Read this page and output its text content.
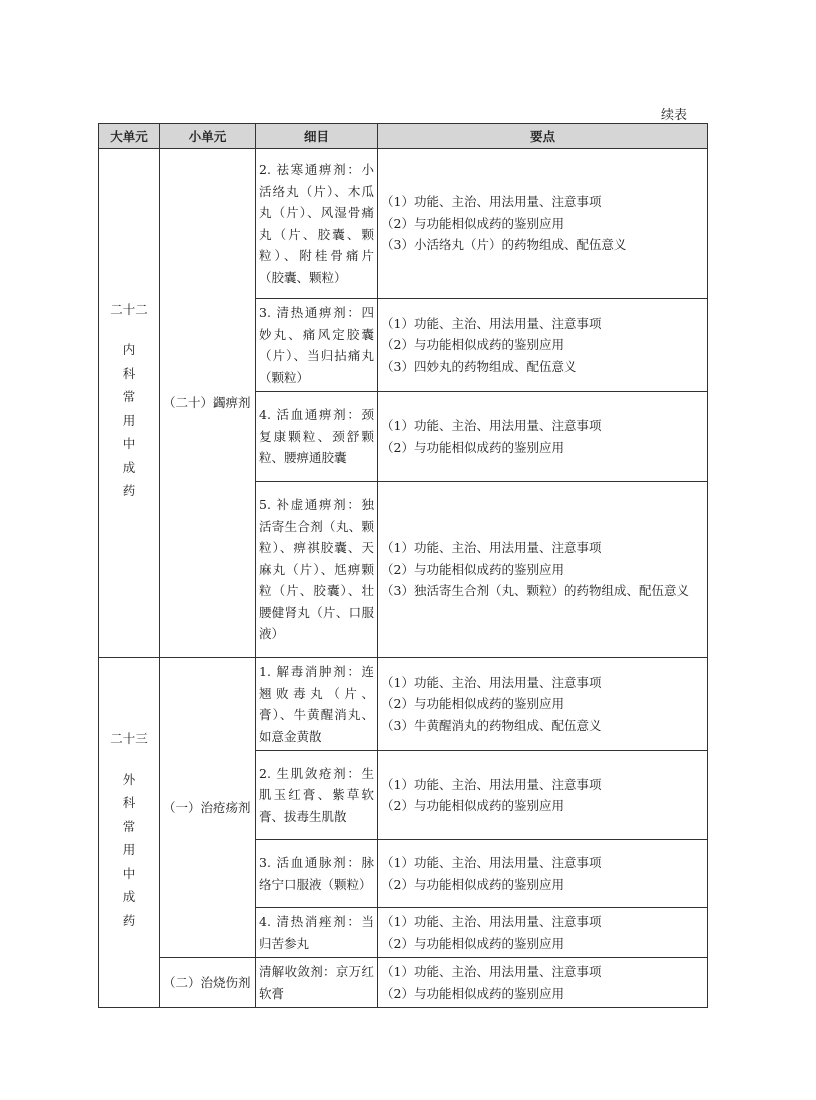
续表
大单元	小单元	细目	要点

二十二
内科常用中成药	（二十）蠲痹剂	2. 祛寒通痹剂：小活络丸（片）、木瓜丸（片）、风湿骨痛丸（片、胶囊、颗粒）、附桂骨痛片（胶囊、颗粒）	（1）功能、主治、用法用量、注意事项
（2）与功能相似成药的鉴别应用
（3）小活络丸（片）的药物组成、配伍意义

		3. 清热通痹剂：四妙丸、痛风定胶囊（片）、当归拈痛丸（颗粒）	（1）功能、主治、用法用量、注意事项
（2）与功能相似成药的鉴别应用
（3）四妙丸的药物组成、配伍意义

		4. 活血通痹剂：颈复康颗粒、颈舒颗粒、腰痹通胶囊	（1）功能、主治、用法用量、注意事项
（2）与功能相似成药的鉴别应用

		5. 补虚通痹剂：独活寄生合剂（丸、颗粒）、痹祺胶囊、天麻丸（片）、尪痹颗粒（片、胶囊）、壮腰健肾丸（片、口服液）	（1）功能、主治、用法用量、注意事项
（2）与功能相似成药的鉴别应用
（3）独活寄生合剂（丸、颗粒）的药物组成、配伍意义

二十三
外科常用中成药	（一）治疮疡剂	1. 解毒消肿剂：连翘败毒丸（片、膏）、牛黄醒消丸、如意金黄散	（1）功能、主治、用法用量、注意事项
（2）与功能相似成药的鉴别应用
（3）牛黄醒消丸的药物组成、配伍意义

		2. 生肌敛疮剂：生肌玉红膏、紫草软膏、拔毒生肌散	（1）功能、主治、用法用量、注意事项
（2）与功能相似成药的鉴别应用

		3. 活血通脉剂：脉络宁口服液（颗粒）	（1）功能、主治、用法用量、注意事项
（2）与功能相似成药的鉴别应用

		4. 清热消痤剂：当归苦参丸	（1）功能、主治、用法用量、注意事项
（2）与功能相似成药的鉴别应用

	（二）治烧伤剂	清解收敛剂：京万红软膏	（1）功能、主治、用法用量、注意事项
（2）与功能相似成药的鉴别应用
